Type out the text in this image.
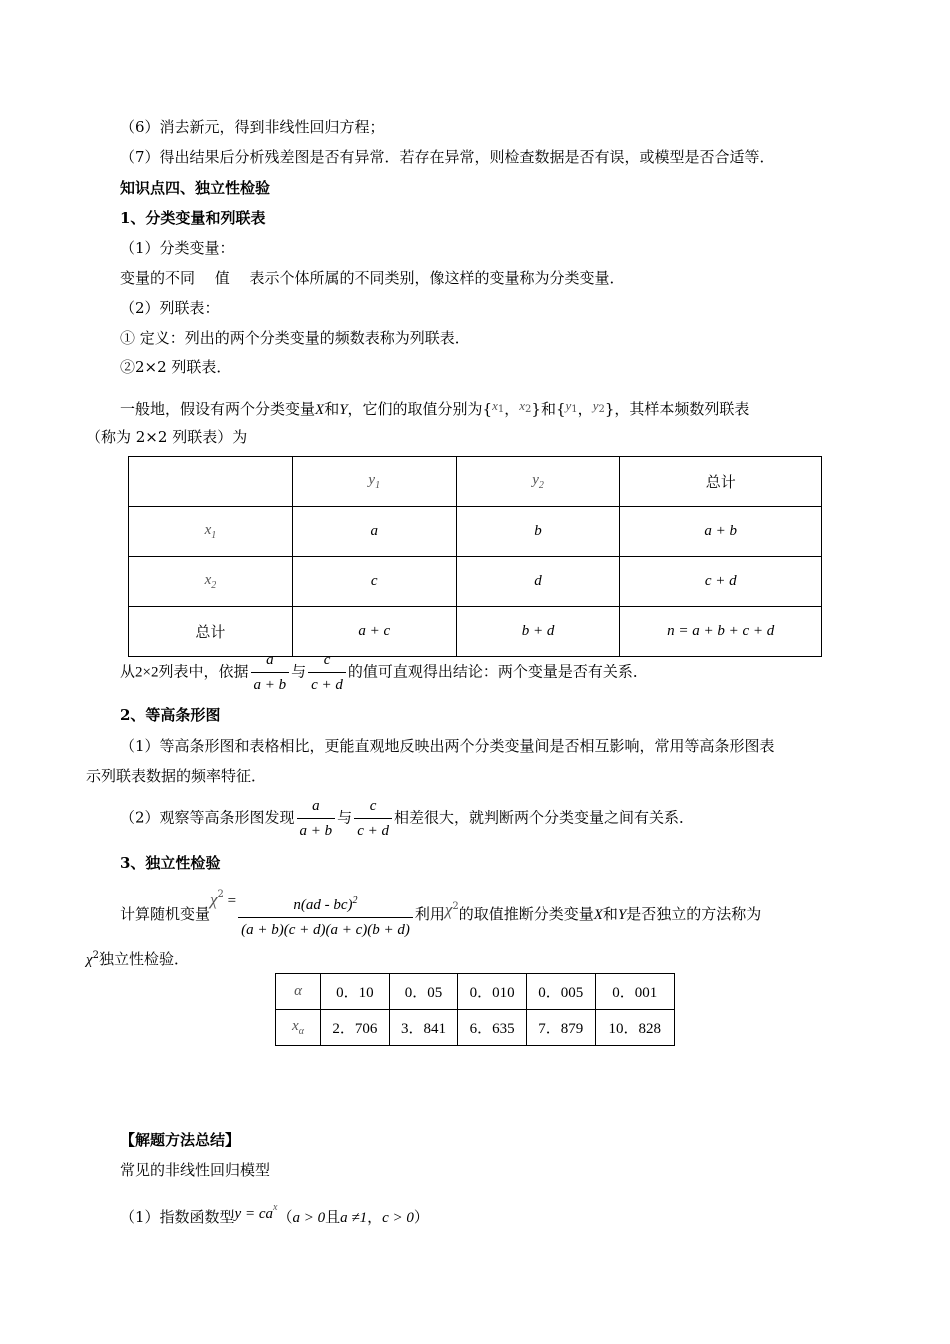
（6）消去新元，得到非线性回归方程；
（7）得出结果后分析残差图是否有异常．若存在异常，则检查数据是否有误，或模型是否合适等．
知识点四、独立性检验
1、分类变量和列联表
（1）分类变量：
变量的不同 　值 　表示个体所属的不同类别，像这样的变量称为分类变量．
（2）列联表：
① 定义：列出的两个分类变量的频数表称为列联表．
②2×2 列联表．
一般地，假设有两个分类变量X和Y，它们的取值分别为{$x_1$，$x_2$}和{$y_1$，$y_2$}，其样本频数列联表
（称为 2×2 列联表）为
	$y_1$	$y_2$	总计
$x_1$	a	b	a + b
$x_2$	c	d	c + d
总计	a + c	b + d	n = a + b + c + d
从2×2列表中，依据 $\frac{a}{a + b}$ 与 $\frac{c}{c + d}$ 的值可直观得出结论：两个变量是否有关系．
2、等高条形图
（1）等高条形图和表格相比，更能直观地反映出两个分类变量间是否相互影响，常用等高条形图表
示列联表数据的频率特征．
（2）观察等高条形图发现 $\frac{a}{a + b}$ 与 $\frac{c}{c + d}$ 相差很大，就判断两个分类变量之间有关系．
3、独立性检验
计算随机变量$\chi^2 = \frac{n(ad - bc)^2}{(a + b)(c + d)(a + c)(b + d)}$ 利用$\chi^2$的取值推断分类变量X和Y是否独立的方法称为
$\chi^2$独立性检验．
α	0．10	0．05	0．010	0．005	0．001
$x_\alpha$	2．706	3．841	6．635	7．879	10．828
【解题方法总结】
常见的非线性回归模型
（1）指数函数型$y = ca^x(a > 0$且a ≠1，c > 0）
